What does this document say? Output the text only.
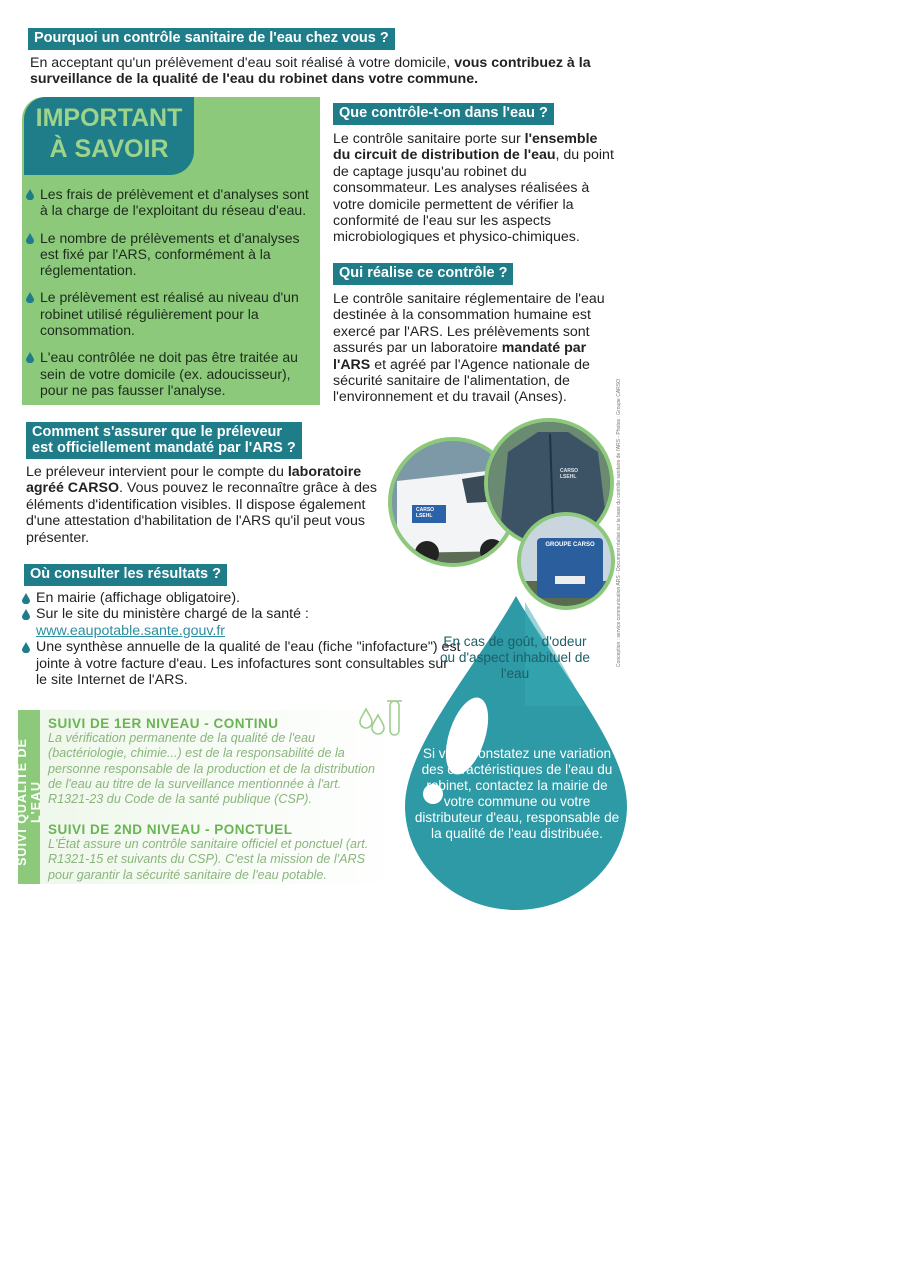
Pourquoi un contrôle sanitaire de l'eau chez vous ?
En acceptant qu'un prélèvement d'eau soit réalisé à votre domicile, vous contribuez à la surveillance de la qualité de l'eau du robinet dans votre commune.
IMPORTANT
À SAVOIR
Les frais de prélèvement et d'analyses sont à la charge de l'exploitant du réseau d'eau.
Le nombre de prélèvements et d'analyses est fixé par l'ARS, conformément à la réglementation.
Le prélèvement est réalisé au niveau d'un robinet utilisé régulièrement pour la consommation.
L'eau contrôlée ne doit pas être traitée au sein de votre domicile (ex. adoucisseur), pour ne pas fausser l'analyse.
Que contrôle-t-on dans l'eau ?
Le contrôle sanitaire porte sur l'ensemble du circuit de distribution de l'eau, du point de captage jusqu'au robinet du consommateur. Les analyses réalisées à votre domicile permettent de vérifier la conformité de l'eau sur les aspects microbiologiques et physico-chimiques.
Qui réalise ce contrôle ?
Le contrôle sanitaire réglementaire de l'eau destinée à la consommation humaine est exercé par l'ARS. Les prélèvements sont assurés par un laboratoire mandaté par l'ARS et agréé par l'Agence nationale de sécurité sanitaire de l'alimentation, de l'environnement et du travail (Anses).
Comment s'assurer que le préleveur
est officiellement mandaté par l'ARS ?
Le préleveur intervient pour le compte du laboratoire agréé CARSO. Vous pouvez le reconnaître grâce à des éléments d'identification visibles. Il dispose également d'une attestation d'habilitation de l'ARS qu'il peut vous présenter.
CARSO LSEHL
CARSO LSEHL
GROUPE CARSO
Où consulter les résultats ?
En mairie (affichage obligatoire).
Sur le site du ministère chargé de la santé :
www.eaupotable.sante.gouv.fr
Une synthèse annuelle de la qualité de l'eau (fiche "infofacture") est jointe à votre facture d'eau. Les infofactures sont consultables sur le site Internet de l'ARS.
SUIVI QUALITÉ DE L'EAU
SUIVI DE 1ER NIVEAU - CONTINU
La vérification permanente de la qualité de l'eau (bactériologie, chimie...) est de la responsabilité de la personne responsable de la production et de la distribution de l'eau au titre de la surveillance mentionnée à l'art. R1321-23 du Code de la santé publique (CSP).
SUIVI DE 2ND NIVEAU - PONCTUEL
L'État assure un contrôle sanitaire officiel et ponctuel (art. R1321-15 et suivants du CSP). C'est la mission de l'ARS pour garantir la sécurité sanitaire de l'eau potable.
En cas de goût, d'odeur ou d'aspect inhabituel de l'eau
Si vous constatez une variation des caractéristiques de l'eau du robinet, contactez la mairie de votre commune ou votre distributeur d'eau, responsable de la qualité de l'eau distribuée.
Conception : service communication ARS - Document réalisé sur la base du contrôle sanitaire de l'ARS - Photos : Groupe CARSO
